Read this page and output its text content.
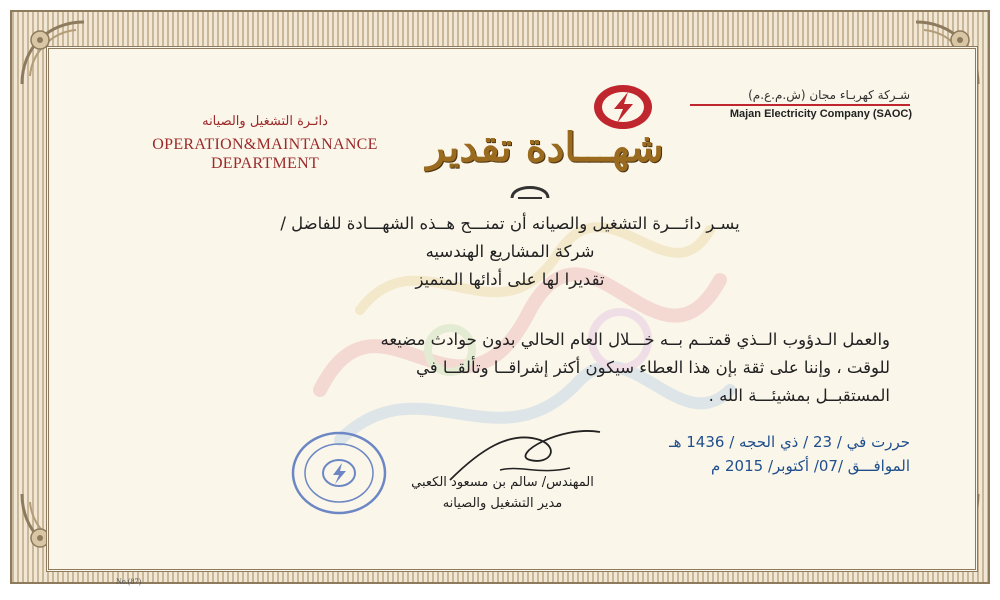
دائـرة التشغيل والصيانه
OPERATION&MAINTANANCE
DEPARTMENT
شـركة كهربـاء مجان (ش.م.ع.م)
Majan Electricity Company (SAOC)
شهـــادة تقدير
يسـر دائـــرة التشغيل والصيانه أن تمنـــح هــذه الشهـــادة للفاضل /
شركة المشاريع الهندسيه
تقديرا لها على أدائها المتميز
والعمل الـدؤوب الــذي قمتــم بــه خـــلال العام الحالي بدون حوادث مضيعه
للوقت ، وإننا على ثقة بإن هذا العطاء سيكون أكثر إشراقــا وتألقــا في
المستقبــل بمشيئـــة الله .
حررت في / 23 / ذي الحجه / 1436 هـ
الموافـــق /07/ أكتوبر/ 2015 م
المهندس/ سالم بن مسعود الكعبي
مدير التشغيل والصيانه
No.(87)
